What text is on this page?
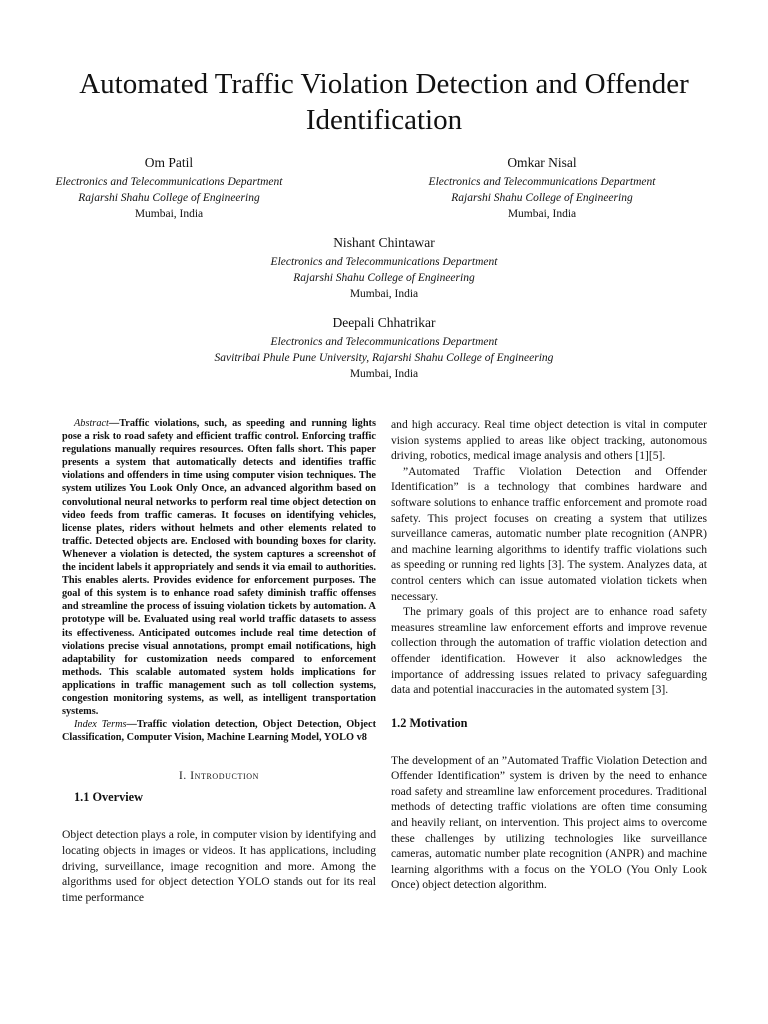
Automated Traffic Violation Detection and Offender Identification
Om Patil
Electronics and Telecommunications Department
Rajarshi Shahu College of Engineering
Mumbai, India
Omkar Nisal
Electronics and Telecommunications Department
Rajarshi Shahu College of Engineering
Mumbai, India
Nishant Chintawar
Electronics and Telecommunications Department
Rajarshi Shahu College of Engineering
Mumbai, India
Deepali Chhatrikar
Electronics and Telecommunications Department
Savitribai Phule Pune University, Rajarshi Shahu College of Engineering
Mumbai, India

Abstract—Traffic violations, such, as speeding and running lights pose a risk to road safety and efficient traffic control. Enforcing traffic regulations manually requires resources. Often falls short. This paper presents a system that automatically detects and identifies traffic violations and offenders in time using computer vision techniques. The system utilizes You Look Only Once, an advanced algorithm based on convolutional neural networks to perform real time object detection on video feeds from traffic cameras. It focuses on identifying vehicles, license plates, riders without helmets and other elements related to traffic. Detected objects are. Enclosed with bounding boxes for clarity. Whenever a violation is detected, the system captures a screenshot of the incident labels it appropriately and sends it via email to authorities. This enables alerts. Provides evidence for enforcement purposes. The goal of this system is to enhance road safety diminish traffic offenses and streamline the process of issuing violation tickets by automation. A prototype will be. Evaluated using real world traffic datasets to assess its effectiveness. Anticipated outcomes include real time detection of violations precise visual annotations, prompt email notifications, high adaptability for customization needs compared to enforcement methods. This scalable automated system holds implications for applications in traffic management such as toll collection systems, congestion monitoring systems, as well, as intelligent transportation systems.

Index Terms—Traffic violation detection, Object Detection, Object Classification, Computer Vision, Machine Learning Model, YOLO v8

I. Introduction
1.1 Overview

Object detection plays a role, in computer vision by identifying and locating objects in images or videos. It has applications, including driving, surveillance, image recognition and more. Among the algorithms used for object detection YOLO stands out for its real time performance

and high accuracy. Real time object detection is vital in computer vision systems applied to areas like object tracking, autonomous driving, robotics, medical image analysis and others [1][5].

”Automated Traffic Violation Detection and Offender Identification” is a technology that combines hardware and software solutions to enhance traffic enforcement and promote road safety. This project focuses on creating a system that utilizes surveillance cameras, automatic number plate recognition (ANPR) and machine learning algorithms to identify traffic violations such as speeding or running red lights [3]. The system. Analyzes data, at control centers which can issue automated violation tickets when necessary.

The primary goals of this project are to enhance road safety measures streamline law enforcement efforts and improve revenue collection through the automation of traffic violation detection and offender identification. However it also acknowledges the importance of addressing issues related to privacy safeguarding data and potential inaccuracies in the automated system [3].

1.2 Motivation

The development of an ”Automated Traffic Violation Detection and Offender Identification” system is driven by the need to enhance road safety and streamline law enforcement procedures. Traditional methods of detecting traffic violations are often time consuming and heavily reliant, on intervention. This project aims to overcome these challenges by utilizing technologies like surveillance cameras, automatic number plate recognition (ANPR) and machine learning algorithms with a focus on the YOLO (You Only Look Once) object detection algorithm.
